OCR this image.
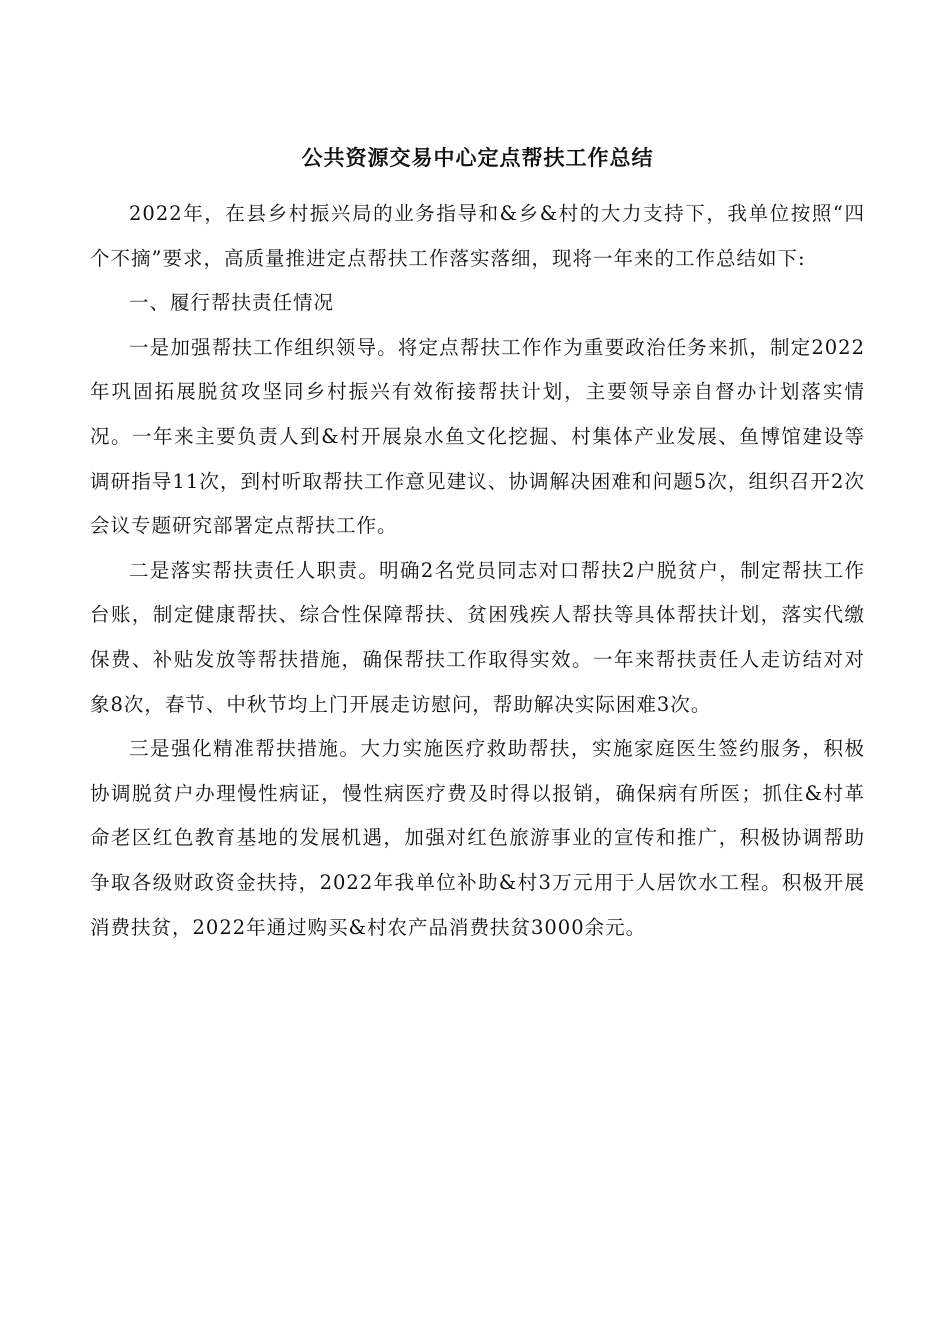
公共资源交易中心定点帮扶工作总结

2022年，在县乡村振兴局的业务指导和&乡&村的大力支持下，我单位按照“四个不摘”要求，高质量推进定点帮扶工作落实落细，现将一年来的工作总结如下:

一、履行帮扶责任情况

一是加强帮扶工作组织领导。将定点帮扶工作作为重要政治任务来抓，制定2022年巩固拓展脱贫攻坚同乡村振兴有效衔接帮扶计划，主要领导亲自督办计划落实情况。一年来主要负责人到&村开展泉水鱼文化挖掘、村集体产业发展、鱼博馆建设等调研指导11次，到村听取帮扶工作意见建议、协调解决困难和问题5次，组织召开2次会议专题研究部署定点帮扶工作。

二是落实帮扶责任人职责。明确2名党员同志对口帮扶2户脱贫户，制定帮扶工作台账，制定健康帮扶、综合性保障帮扶、贫困残疾人帮扶等具体帮扶计划，落实代缴保费、补贴发放等帮扶措施，确保帮扶工作取得实效。一年来帮扶责任人走访结对对象8次，春节、中秋节均上门开展走访慰问，帮助解决实际困难3次。

三是强化精准帮扶措施。大力实施医疗救助帮扶，实施家庭医生签约服务，积极协调脱贫户办理慢性病证，慢性病医疗费及时得以报销，确保病有所医；抓住&村革命老区红色教育基地的发展机遇，加强对红色旅游事业的宣传和推广，积极协调帮助争取各级财政资金扶持，2022年我单位补助&村3万元用于人居饮水工程。积极开展消费扶贫，2022年通过购买&村农产品消费扶贫3000余元。
